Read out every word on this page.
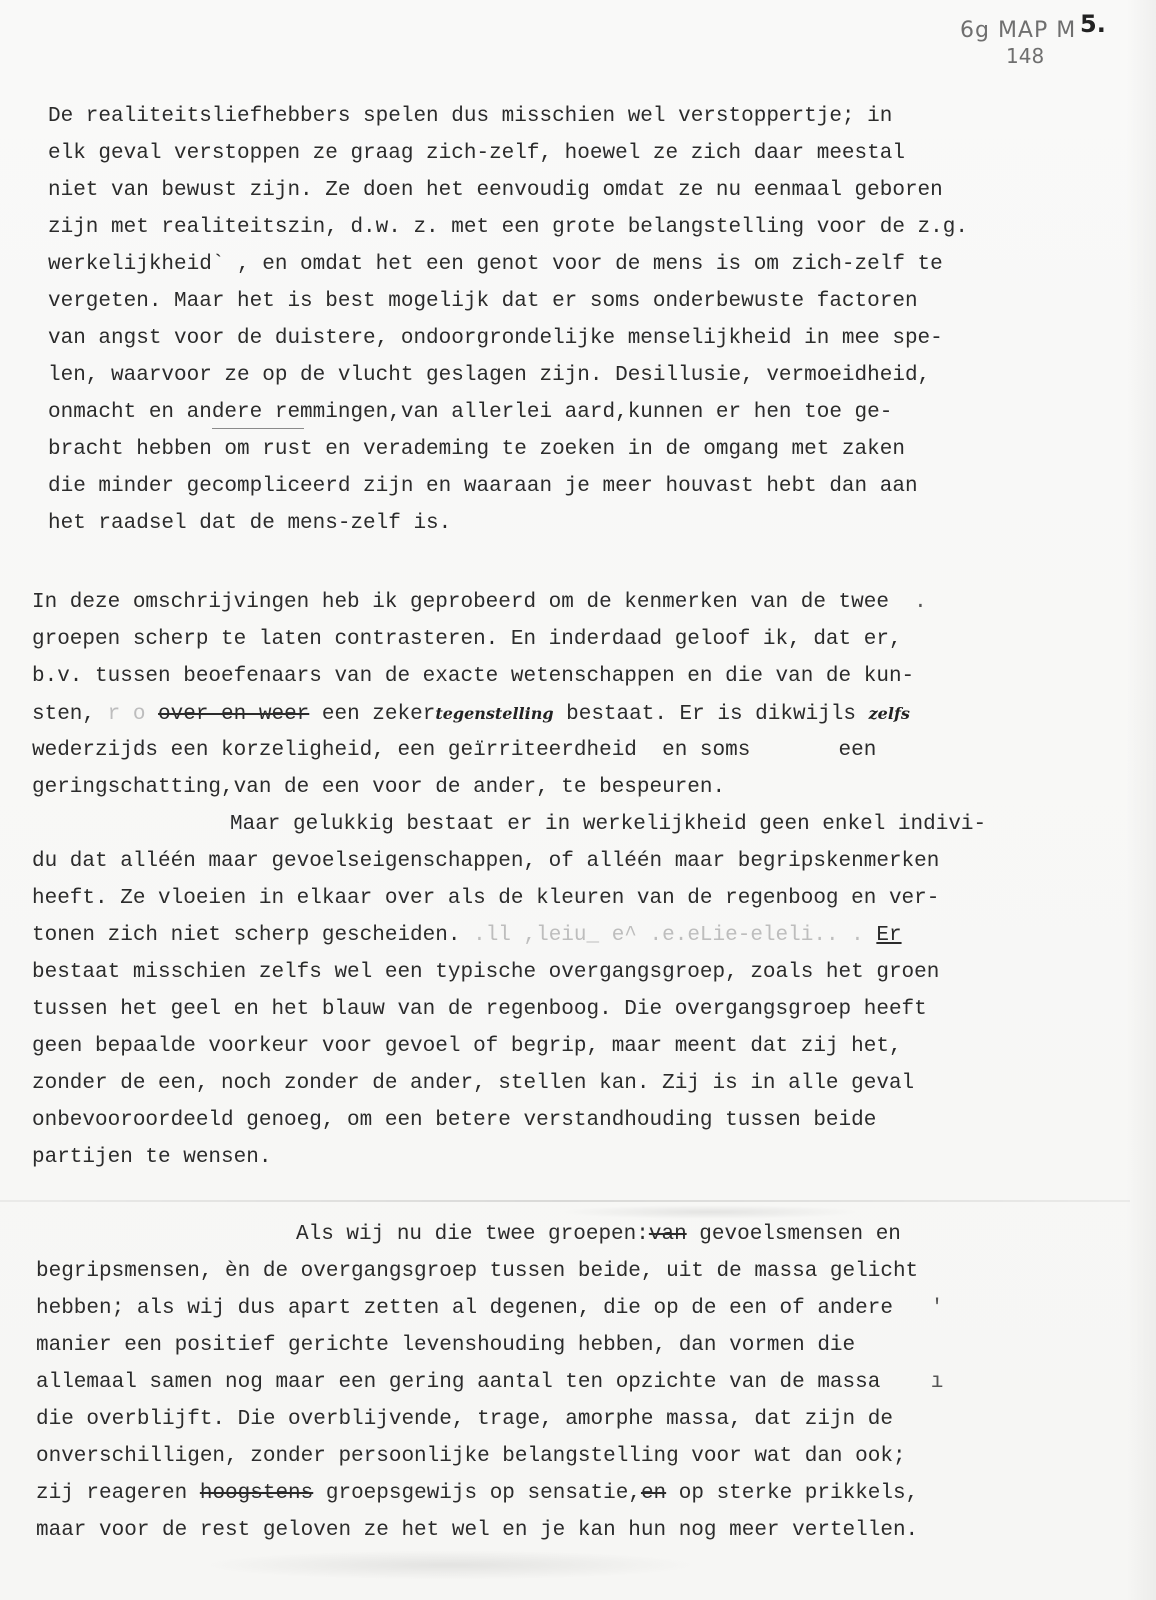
6g MAP M
148
5.
De realiteitsliefhebbers spelen dus misschien wel verstoppertje; in
elk geval verstoppen ze graag zich-zelf, hoewel ze zich daar meestal
niet van bewust zijn. Ze doen het eenvoudig omdat ze nu eenmaal geboren
zijn met realiteitszin, d.w. z. met een grote belangstelling voor de z.g.
werkelijkheid` , en omdat het een genot voor de mens is om zich-zelf te
vergeten. Maar het is best mogelijk dat er soms onderbewuste factoren
van angst voor de duistere, ondoorgrondelijke menselijkheid in mee spe-
len, waarvoor ze op de vlucht geslagen zijn. Desillusie, vermoeidheid,
onmacht en andere remmingen,van allerlei aard,kunnen er hen toe ge-
bracht hebben om rust en verademing te zoeken in de omgang met zaken
die minder gecompliceerd zijn en waaraan je meer houvast hebt dan aan
het raadsel dat de mens-zelf is.
In deze omschrijvingen heb ik geprobeerd om de kenmerken van de twee  .
groepen scherp te laten contrasteren. En inderdaad geloof ik, dat er,
b.v. tussen beoefenaars van de exacte wetenschappen en die van de kun-
sten, r o over en weer een zekertegenstelling bestaat. Er is dikwijls zelfs
wederzijds een korzeligheid, een geïrriteerdheid  en soms       een
geringschatting,van de een voor de ander, te bespeuren.
Maar gelukkig bestaat er in werkelijkheid geen enkel indivi-
du dat alléén maar gevoelseigenschappen, of alléén maar begripskenmerken
heeft. Ze vloeien in elkaar over als de kleuren van de regenboog en ver-
tonen zich niet scherp gescheiden. .ll ,leiu_ e^ .e.eLie-eleli.. . Er
bestaat misschien zelfs wel een typische overgangsgroep, zoals het groen
tussen het geel en het blauw van de regenboog. Die overgangsgroep heeft
geen bepaalde voorkeur voor gevoel of begrip, maar meent dat zij het,
zonder de een, noch zonder de ander, stellen kan. Zij is in alle geval
onbevooroordeeld genoeg, om een betere verstandhouding tussen beide
partijen te wensen.
Als wij nu die twee groepen:van gevoelsmensen en
begripsmensen, èn de overgangsgroep tussen beide, uit de massa gelicht
hebben; als wij dus apart zetten al degenen, die op de een of andere   '
manier een positief gerichte levenshouding hebben, dan vormen die
allemaal samen nog maar een gering aantal ten opzichte van de massa    ı
die overblijft. Die overblijvende, trage, amorphe massa, dat zijn de
onverschilligen, zonder persoonlijke belangstelling voor wat dan ook;
zij reageren hoogstens groepsgewijs op sensatie,en op sterke prikkels,
maar voor de rest geloven ze het wel en je kan hun nog meer vertellen.
